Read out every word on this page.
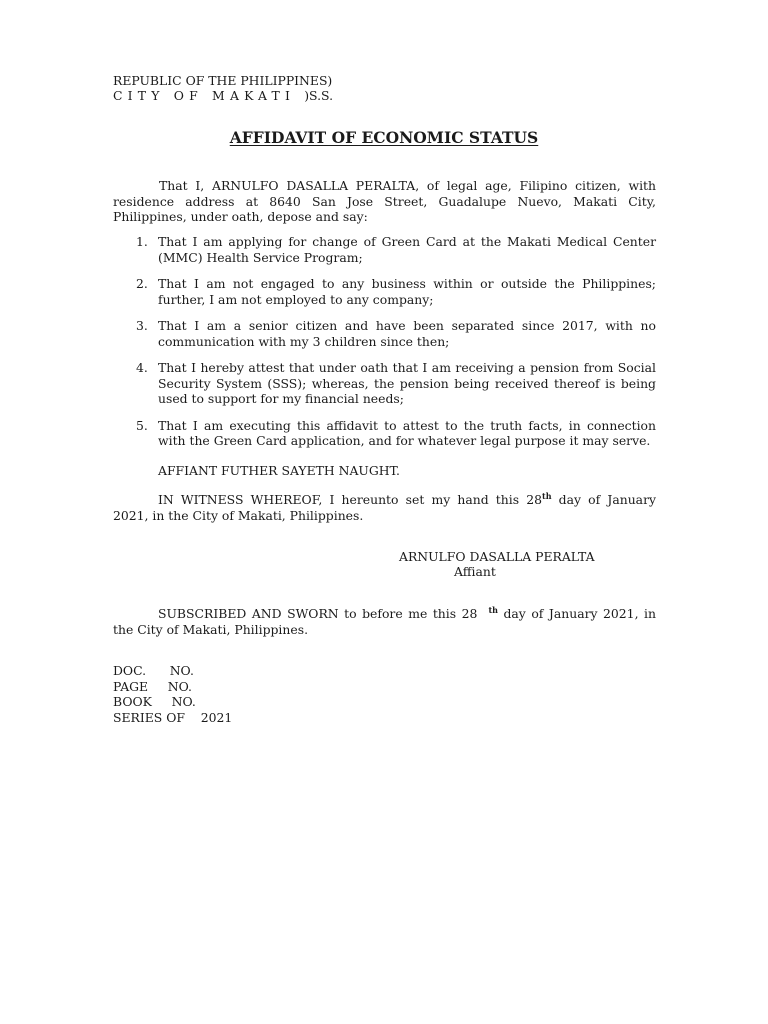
REPUBLIC OF THE PHILIPPINES)
CITY OF MAKATI )S.S.
AFFIDAVIT OF ECONOMIC STATUS
That I, ARNULFO DASALLA PERALTA, of legal age, Filipino citizen, with residence address at 8640 San Jose Street, Guadalupe Nuevo, Makati City, Philippines, under oath, depose and say:
1. That I am applying for change of Green Card at the Makati Medical Center (MMC) Health Service Program;
2. That I am not engaged to any business within or outside the Philippines; further, I am not employed to any company;
3. That I am a senior citizen and have been separated since 2017, with no communication with my 3 children since then;
4. That I hereby attest that under oath that I am receiving a pension from Social Security System (SSS); whereas, the pension being received thereof is being used to support for my financial needs;
5. That I am executing this affidavit to attest to the truth facts, in connection with the Green Card application, and for whatever legal purpose it may serve.
AFFIANT FUTHER SAYETH NAUGHT.
IN WITNESS WHEREOF, I hereunto set my hand this 28th day of January 2021, in the City of Makati, Philippines.
ARNULFO DASALLA PERALTA
Affiant
SUBSCRIBED AND SWORN to before me this 28  $^{th}$ day of January 2021, in the City of Makati, Philippines.
DOC.      NO.
PAGE     NO.
BOOK     NO.
SERIES OF    2021
